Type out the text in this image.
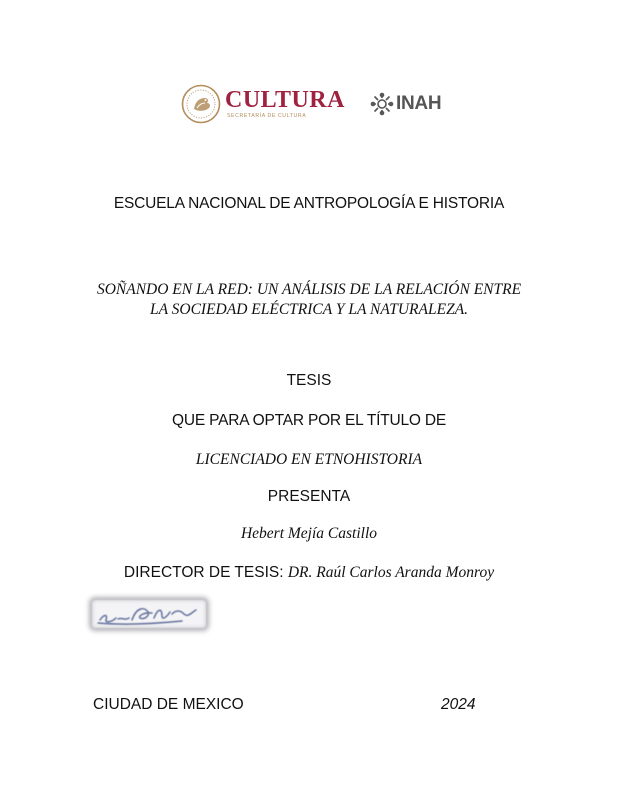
CULTURA
SECRETARÍA DE CULTURA
INAH
ESCUELA NACIONAL DE ANTROPOLOGÍA E HISTORIA
SOÑANDO EN LA RED: UN ANÁLISIS DE LA RELACIÓN ENTRE
LA SOCIEDAD ELÉCTRICA Y LA NATURALEZA.
TESIS
QUE PARA OPTAR POR EL TÍTULO DE
LICENCIADO EN ETNOHISTORIA
PRESENTA
Hebert Mejía Castillo
DIRECTOR DE TESIS: DR. Raúl Carlos Aranda Monroy
CIUDAD DE MEXICO	2024
